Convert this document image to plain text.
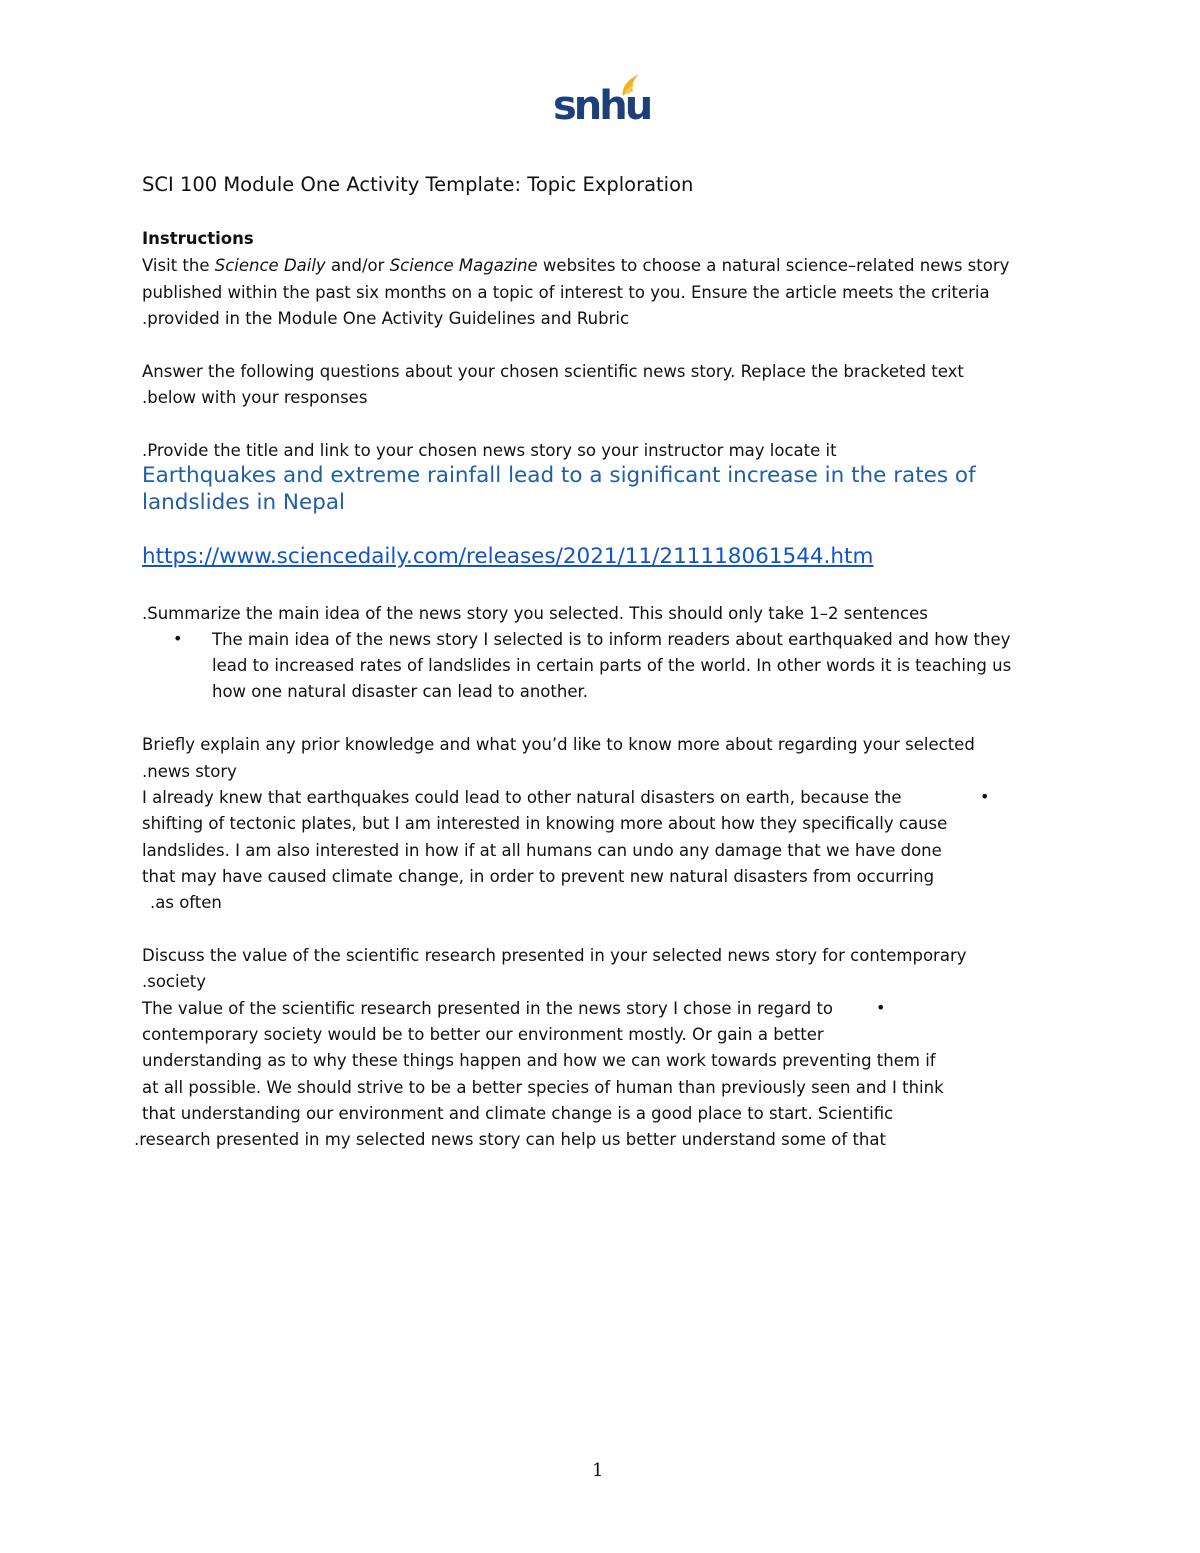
snhu
SCI 100 Module One Activity Template: Topic Exploration
Instructions
Visit the Science Daily and/or Science Magazine websites to choose a natural science–related news story
published within the past six months on a topic of interest to you. Ensure the article meets the criteria
.provided in the Module One Activity Guidelines and Rubric
Answer the following questions about your chosen scientific news story. Replace the bracketed text
.below with your responses
.Provide the title and link to your chosen news story so your instructor may locate it
Earthquakes and extreme rainfall lead to a significant increase in the rates of landslides in Nepal
https://www.sciencedaily.com/releases/2021/11/211118061544.htm
.Summarize the main idea of the news story you selected. This should only take 1–2 sentences
• The main idea of the news story I selected is to inform readers about earthquaked and how they
lead to increased rates of landslides in certain parts of the world. In other words it is teaching us
how one natural disaster can lead to another.
Briefly explain any prior knowledge and what you’d like to know more about regarding your selected
.news story
•
I already knew that earthquakes could lead to other natural disasters on earth, because the
shifting of tectonic plates, but I am interested in knowing more about how they specifically cause
landslides. I am also interested in how if at all humans can undo any damage that we have done
that may have caused climate change, in order to prevent new natural disasters from occurring
.as often
Discuss the value of the scientific research presented in your selected news story for contemporary
.society
•
The value of the scientific research presented in the news story I chose in regard to
contemporary society would be to better our environment mostly. Or gain a better
understanding as to why these things happen and how we can work towards preventing them if
at all possible. We should strive to be a better species of human than previously seen and I think
that understanding our environment and climate change is a good place to start. Scientific
.research presented in my selected news story can help us better understand some of that
1
